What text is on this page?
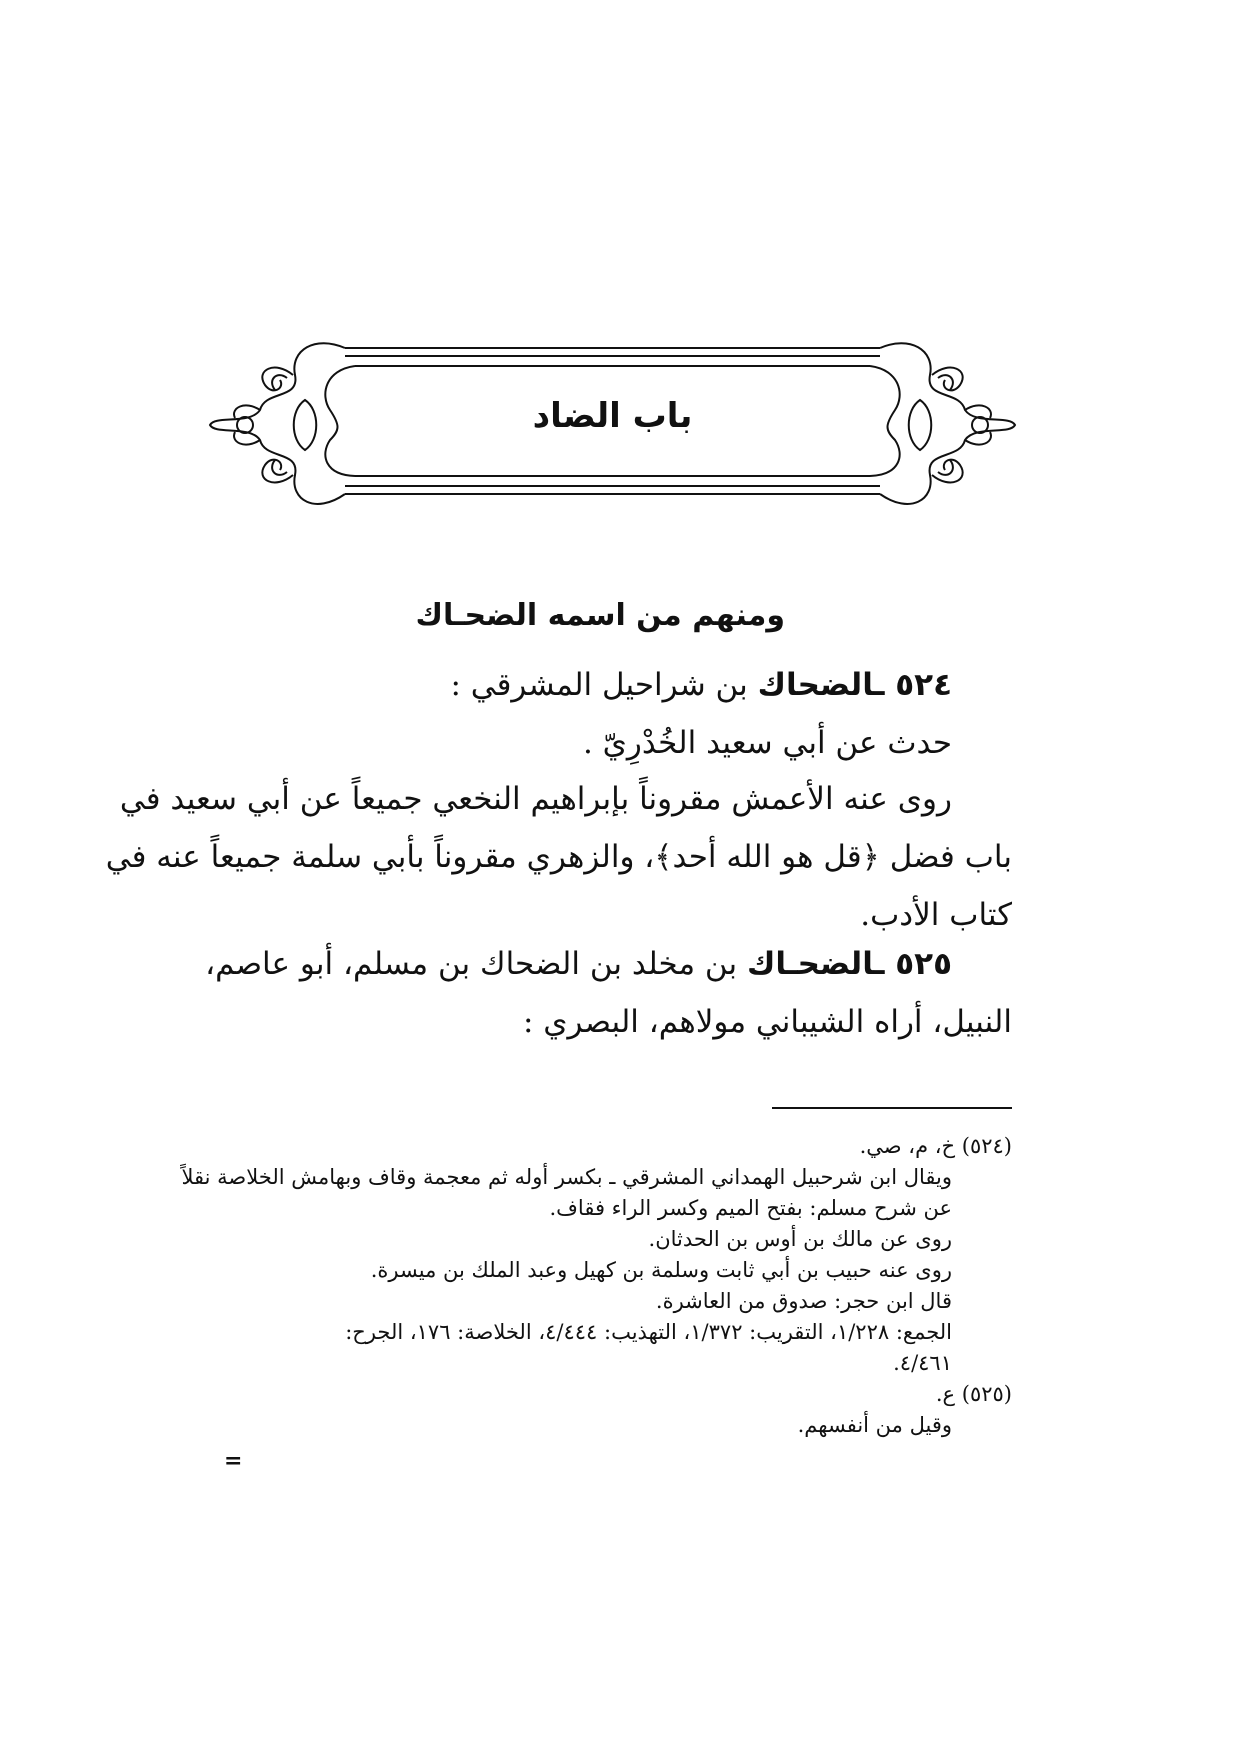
باب الضاد
ومنهم من اسمه الضحـاك
٥٢٤ ـالضحاك بن شراحيل المشرقي :
حدث عن أبي سعيد الخُدْرِيّ .
روى عنه الأعمش مقروناً بإبراهيم النخعي جميعاً عن أبي سعيد في
باب فضل ﴿قل هو الله أحد﴾، والزهري مقروناً بأبي سلمة جميعاً عنه في
كتاب الأدب.
٥٢٥ ـالضحـاك بن مخلد بن الضحاك بن مسلم، أبو عاصم،
النبيل، أراه الشيباني مولاهم، البصري :
(٥٢٤) خ، م، صي.
ويقال ابن شرحبيل الهمداني المشرقي ـ بكسر أوله ثم معجمة وقاف وبهامش الخلاصة نقلاً
عن شرح مسلم: بفتح الميم وكسر الراء فقاف.
روى عن مالك بن أوس بن الحدثان.
روى عنه حبيب بن أبي ثابت وسلمة بن كهيل وعبد الملك بن ميسرة.
قال ابن حجر: صدوق من العاشرة.
الجمع: ١/٢٢٨، التقريب: ١/٣٧٢، التهذيب: ٤/٤٤٤، الخلاصة: ١٧٦، الجرح:
٤/٤٦١.
(٥٢٥) ع.
وقيل من أنفسهم.
=
